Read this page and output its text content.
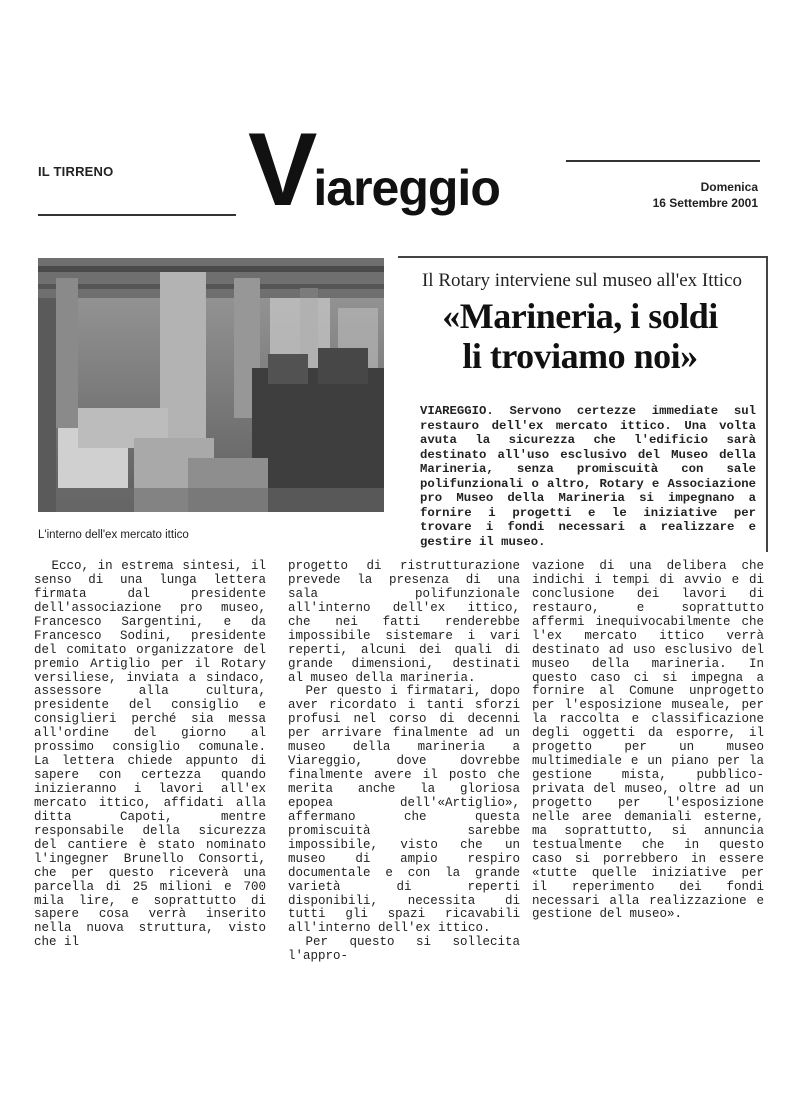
IL TIRRENO Viareggio	Domenica
16 Settembre 2001
L'interno dell'ex mercato ittico
Il Rotary interviene sul museo all'ex Ittico
«Marineria, i soldi
li troviamo noi»
VIAREGGIO. Servono certezze immediate sul restauro dell'ex mercato ittico. Una volta avuta la sicurezza che l'edificio sarà destinato all'uso esclusivo del Museo della Marineria, senza promiscuità con sale polifunzionali o altro, Rotary e Associazione pro Museo della Marineria si impegnano a fornire i progetti e le iniziative per trovare i fondi necessari a realizzare e gestire il museo.

Ecco, in estrema sintesi, il senso di una lunga lettera firmata dal presidente dell'associazione pro museo, Francesco Sargentini, e da Francesco Sodini, presidente del comitato organizzatore del premio Artiglio per il Rotary versiliese, inviata a sindaco, assessore alla cultura, presidente del consiglio e consiglieri perché sia messa all'ordine del giorno al prossimo consiglio comunale. La lettera chiede appunto di sapere con certezza quando inizieranno i lavori all'ex mercato ittico, affidati alla ditta Capoti, mentre responsabile della sicurezza del cantiere è stato nominato l'ingegner Brunello Consorti, che per questo riceverà una parcella di 25 milioni e 700 mila lire, e soprattutto di sapere cosa verrà inserito nella nuova struttura, visto che il

progetto di ristrutturazione prevede la presenza di una sala polifunzionale all'interno dell'ex ittico, che nei fatti renderebbe impossibile sistemare i vari reperti, alcuni dei quali di grande dimensioni, destinati al museo della marineria.

Per questo i firmatari, dopo aver ricordato i tanti sforzi profusi nel corso di decenni per arrivare finalmente ad un museo della marineria a Viareggio, dove dovrebbe finalmente avere il posto che merita anche la gloriosa epopea dell'«Artiglio», affermano che questa promiscuità sarebbe impossibile, visto che un museo di ampio respiro documentale e con la grande varietà di reperti disponibili, necessita di tutti gli spazi ricavabili all'interno dell'ex ittico.

Per questo si sollecita l'appro-

vazione di una delibera che indichi i tempi di avvio e di conclusione dei lavori di restauro, e soprattutto affermi inequivocabilmente che l'ex mercato ittico verrà destinato ad uso esclusivo del museo della marineria. In questo caso ci si impegna a fornire al Comune unprogetto per l'esposizione museale, per la raccolta e classificazione degli oggetti da esporre, il progetto per un museo multimediale e un piano per la gestione mista, pubblico-privata del museo, oltre ad un progetto per l'esposizione nelle aree demaniali esterne, ma soprattutto, si annuncia testualmente che in questo caso si porrebbero in essere «tutte quelle iniziative per il reperimento dei fondi necessari alla realizzazione e gestione del museo».
